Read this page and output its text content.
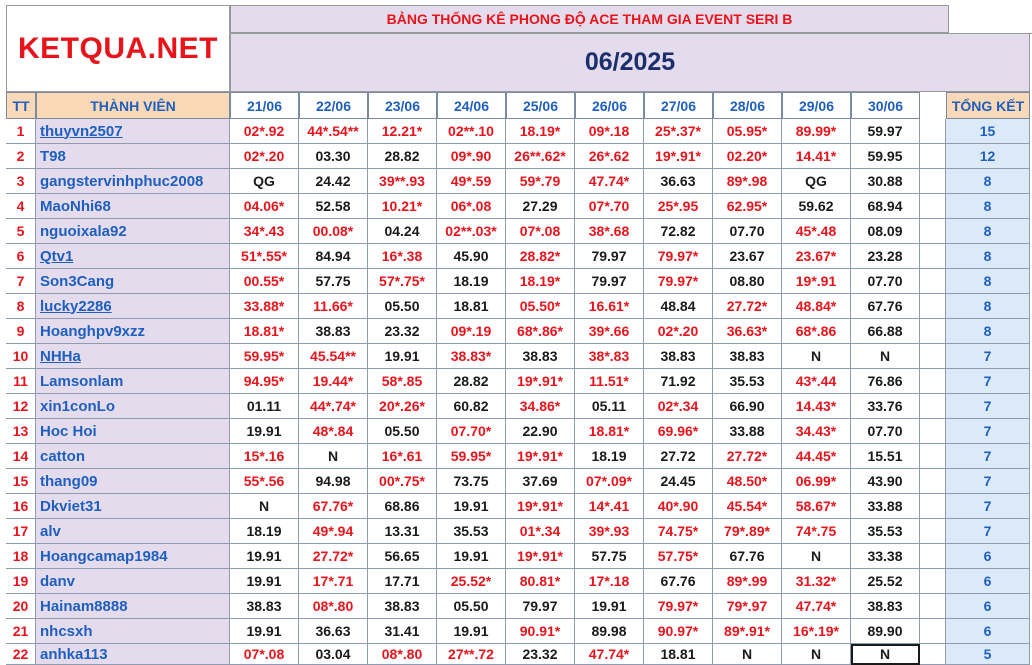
KETQUA.NET
BẢNG THỐNG KÊ PHONG ĐỘ ACE THAM GIA EVENT SERI B
06/2025
TT	THÀNH VIÊN	21/06	22/06	23/06	24/06	25/06	26/06	27/06	28/06	29/06	30/06	TỔNG KẾT
1	thuyvn2507	02*.92	44*.54**	12.21*	02**.10	18.19*	09*.18	25*.37*	05.95*	89.99*	59.97	15
2	T98	02*.20	03.30	28.82	09*.90	26**.62*	26*.62	19*.91*	02.20*	14.41*	59.95	12
3	gangstervinhphuc2008	QG	24.42	39**.93	49*.59	59*.79	47.74*	36.63	89*.98	QG	30.88	8
4	MaoNhi68	04.06*	52.58	10.21*	06*.08	27.29	07*.70	25*.95	62.95*	59.62	68.94	8
5	nguoixala92	34*.43	00.08*	04.24	02**.03*	07*.08	38*.68	72.82	07.70	45*.48	08.09	8
6	Qtv1	51*.55*	84.94	16*.38	45.90	28.82*	79.97	79.97*	23.67	23.67*	23.28	8
7	Son3Cang	00.55*	57.75	57*.75*	18.19	18.19*	79.97	79.97*	08.80	19*.91	07.70	8
8	lucky2286	33.88*	11.66*	05.50	18.81	05.50*	16.61*	48.84	27.72*	48.84*	67.76	8
9	Hoanghpv9xzz	18.81*	38.83	23.32	09*.19	68*.86*	39*.66	02*.20	36.63*	68*.86	66.88	8
10 NHHa	59.95*	45.54**	19.91	38.83*	38.83	38*.83	38.83	38.83	N	N	7
11 Lamsonlam	94.95*	19.44*	58*.85	28.82	19*.91*	11.51*	71.92	35.53	43*.44	76.86	7
12 xin1conLo	01.11	44*.74*	20*.26*	60.82	34.86*	05.11	02*.34	66.90	14.43*	33.76	7
13 Hoc Hoi	19.91	48*.84	05.50	07.70*	22.90	18.81*	69.96*	33.88	34.43*	07.70	7
14 catton	15*.16	N	16*.61	59.95*	19*.91*	18.19	27.72	27.72*	44.45*	15.51	7
15 thang09	55*.56	94.98	00*.75*	73.75	37.69	07*.09*	24.45	48.50*	06.99*	43.90	7
16 Dkviet31	N	67.76*	68.86	19.91	19*.91*	14*.41	40*.90	45.54*	58.67*	33.88	7
17 alv	18.19	49*.94	13.31	35.53	01*.34	39*.93	74.75*	79*.89*	74*.75	35.53	7
18 Hoangcamap1984	19.91	27.72*	56.65	19.91	19*.91*	57.75	57.75*	67.76	N	33.38	6
19 danv	19.91	17*.71	17.71	25.52*	80.81*	17*.18	67.76	89*.99	31.32*	25.52	6
20 Hainam8888	38.83	08*.80	38.83	05.50	79.97	19.91	79.97*	79*.97	47.74*	38.83	6
21 nhcsxh	19.91	36.63	31.41	19.91	90.91*	89.98	90.97*	89*.91*	16*.19*	89.90	6
22 anhka113	07*.08	03.04	08*.80	27**.72	23.32	47.74*	18.81	N	N	N	5
